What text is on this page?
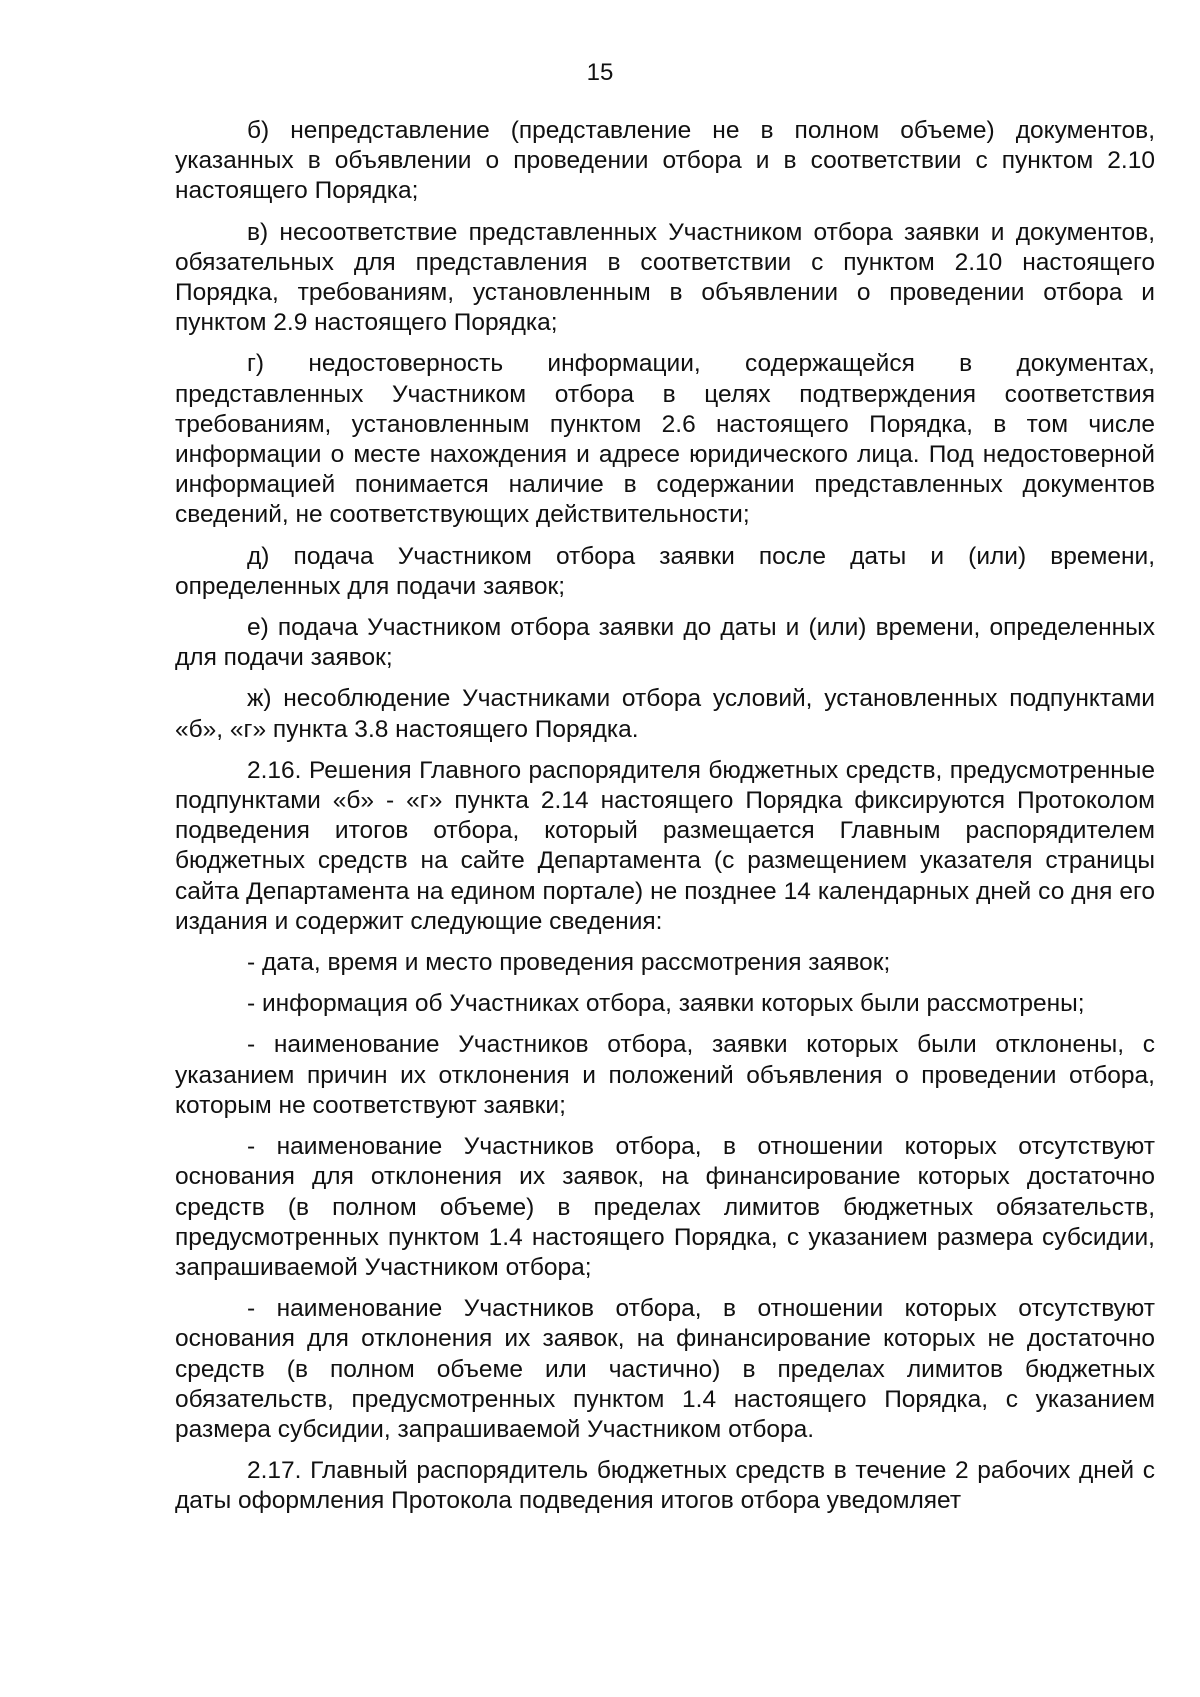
15

б) непредставление (представление не в полном объеме) документов, указанных в объявлении о проведении отбора и в соответствии с пунктом 2.10 настоящего Порядка;

в) несоответствие представленных Участником отбора заявки и документов, обязательных для представления в соответствии с пунктом 2.10 настоящего Порядка, требованиям, установленным в объявлении о проведении отбора и пунктом 2.9 настоящего Порядка;

г) недостоверность информации, содержащейся в документах, представленных Участником отбора в целях подтверждения соответствия требованиям, установленным пунктом 2.6 настоящего Порядка, в том числе информации о месте нахождения и адресе юридического лица. Под недостоверной информацией понимается наличие в содержании представленных документов сведений, не соответствующих действительности;

д) подача Участником отбора заявки после даты и (или) времени, определенных для подачи заявок;

е) подача Участником отбора заявки до даты и (или) времени, определенных для подачи заявок;

ж) несоблюдение Участниками отбора условий, установленных подпунктами «б», «г» пункта 3.8 настоящего Порядка.

2.16. Решения Главного распорядителя бюджетных средств, предусмотренные подпунктами «б» - «г» пункта 2.14 настоящего Порядка фиксируются Протоколом подведения итогов отбора, который размещается Главным распорядителем бюджетных средств на сайте Департамента (с размещением указателя страницы сайта Департамента на едином портале) не позднее 14 календарных дней со дня его издания и содержит следующие сведения:

- дата, время и место проведения рассмотрения заявок;

- информация об Участниках отбора, заявки которых были рассмотрены;

- наименование Участников отбора, заявки которых были отклонены, с указанием причин их отклонения и положений объявления о проведении отбора, которым не соответствуют заявки;

- наименование Участников отбора, в отношении которых отсутствуют основания для отклонения их заявок, на финансирование которых достаточно средств (в полном объеме) в пределах лимитов бюджетных обязательств, предусмотренных пунктом 1.4 настоящего Порядка, с указанием размера субсидии, запрашиваемой Участником отбора;

- наименование Участников отбора, в отношении которых отсутствуют основания для отклонения их заявок, на финансирование которых не достаточно средств (в полном объеме или частично) в пределах лимитов бюджетных обязательств, предусмотренных пунктом 1.4 настоящего Порядка, с указанием размера субсидии, запрашиваемой Участником отбора.

2.17. Главный распорядитель бюджетных средств в течение 2 рабочих дней с даты оформления Протокола подведения итогов отбора уведомляет
